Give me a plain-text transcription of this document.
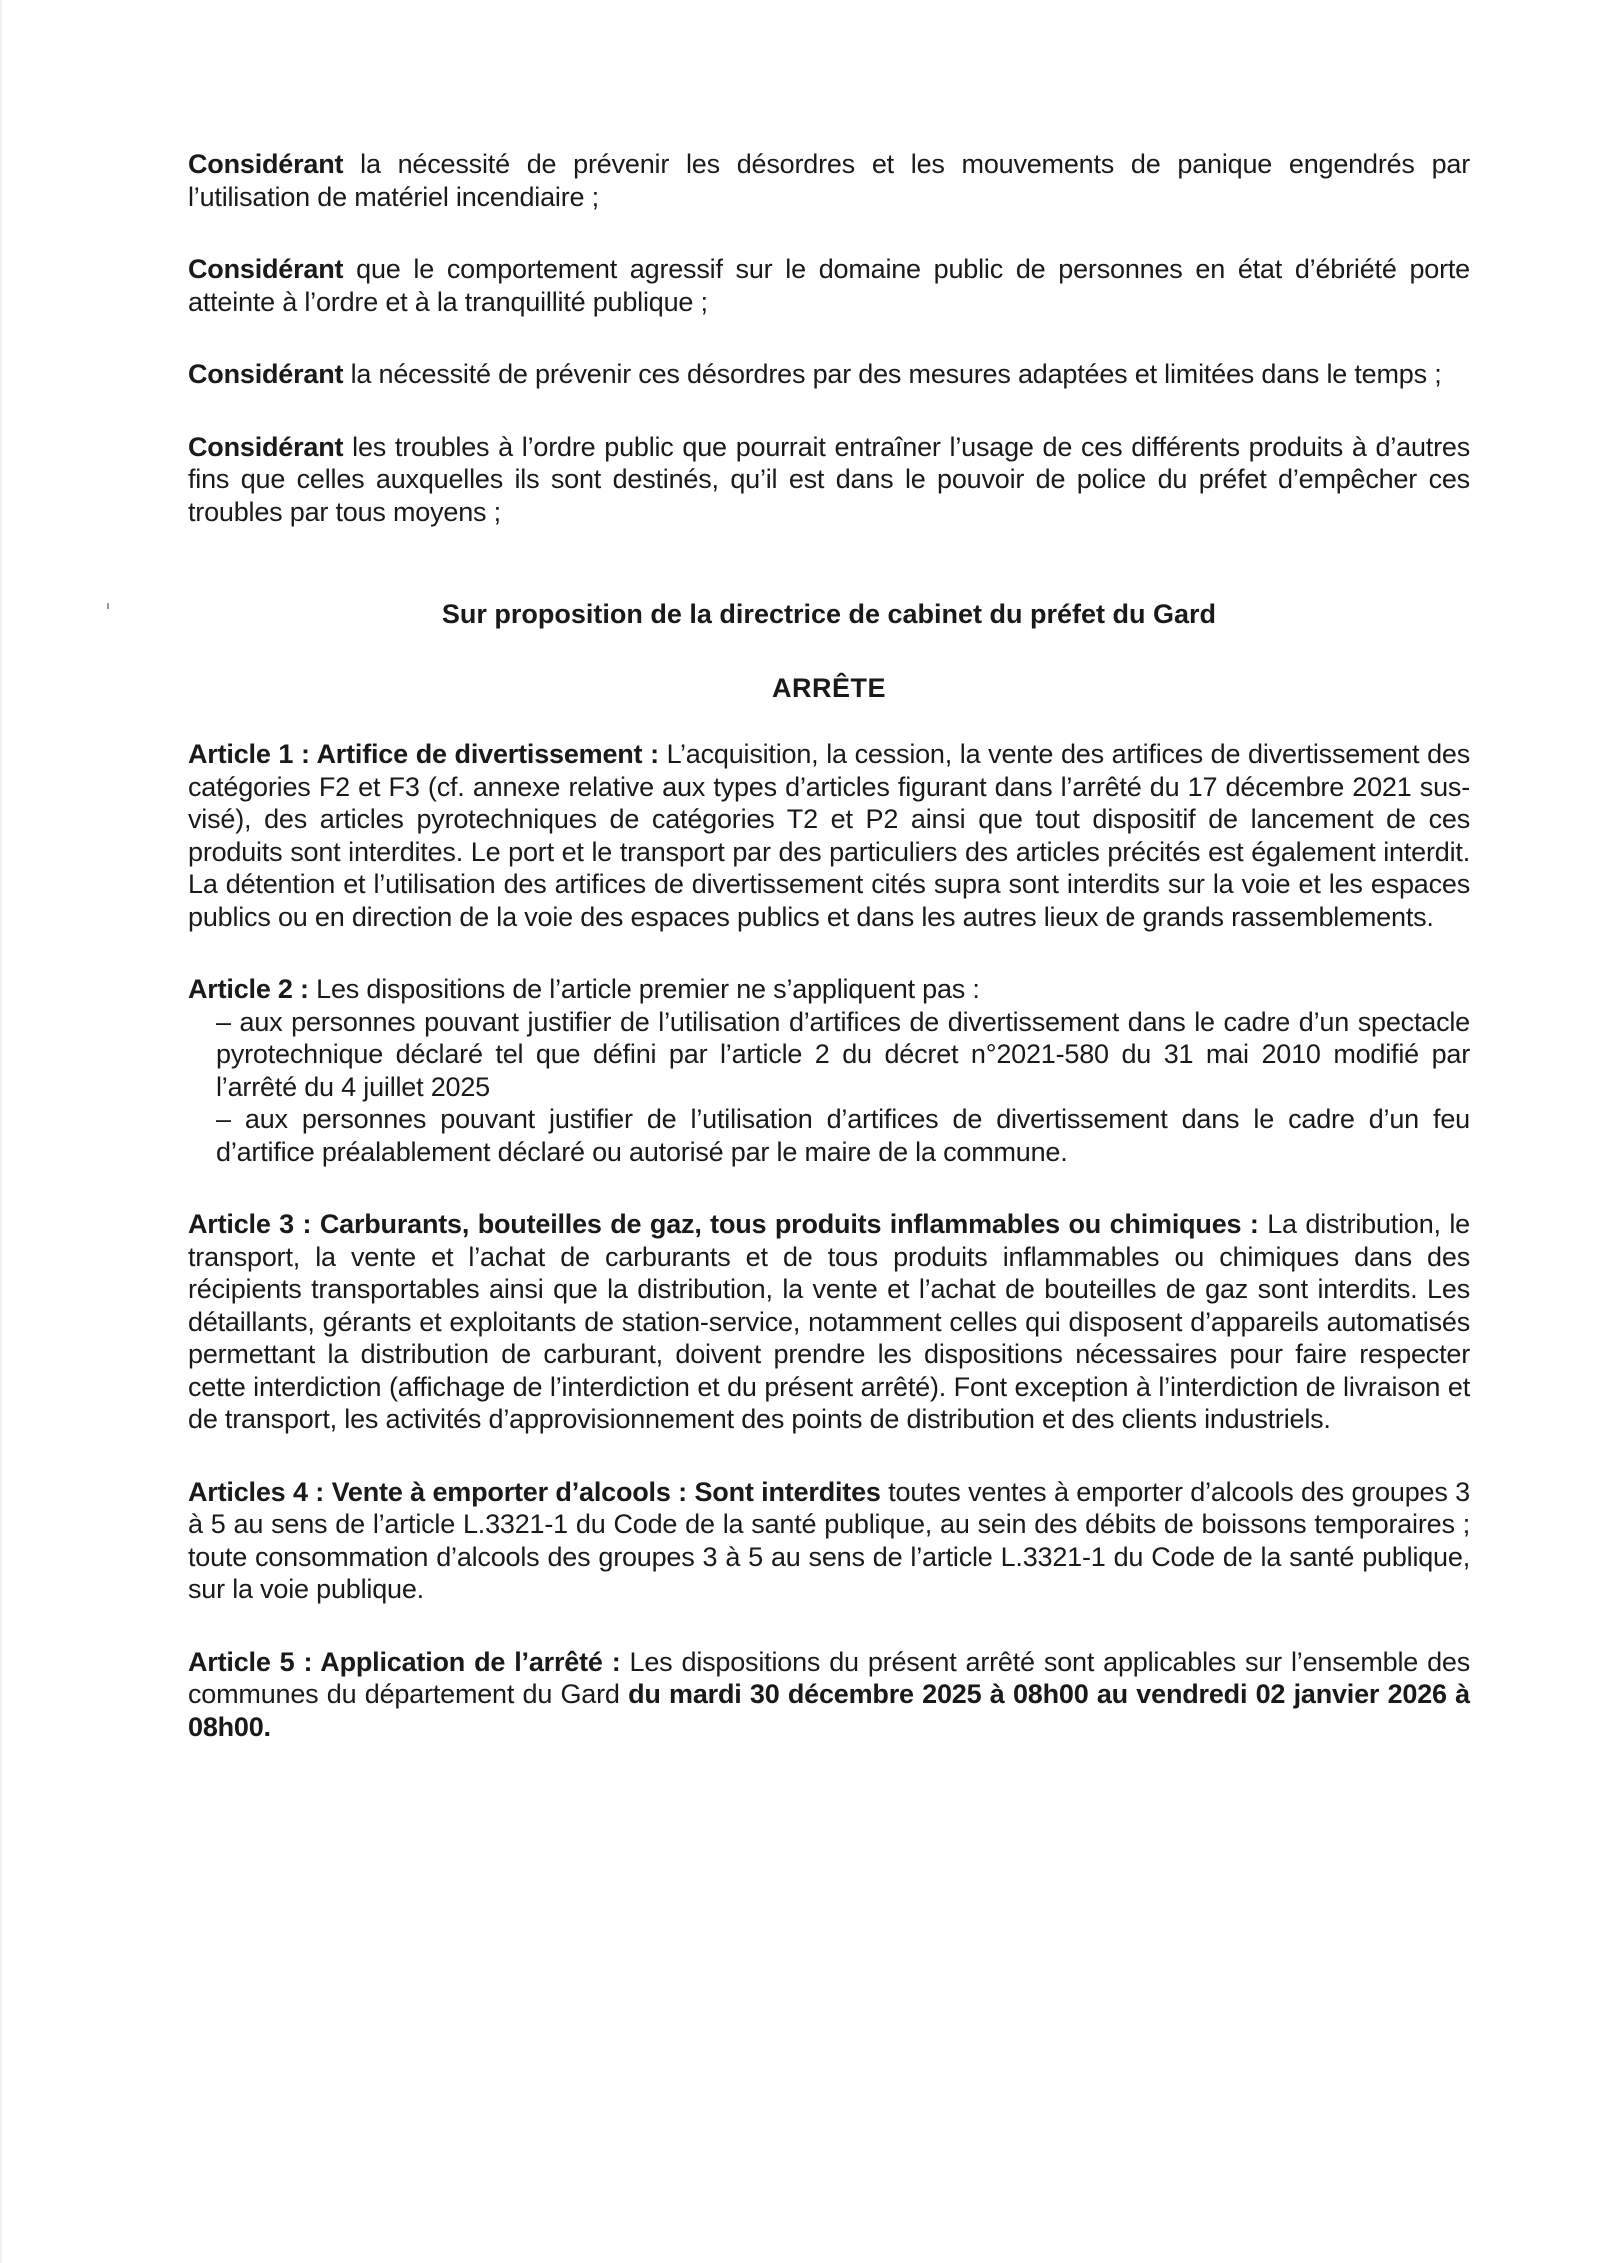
Considérant la nécessité de prévenir les désordres et les mouvements de panique engendrés par l’utilisation de matériel incendiaire ;

Considérant que le comportement agressif sur le domaine public de personnes en état d’ébriété porte atteinte à l’ordre et à la tranquillité publique ;

Considérant la nécessité de prévenir ces désordres par des mesures adaptées et limitées dans le temps ;

Considérant les troubles à l’ordre public que pourrait entraîner l’usage de ces différents produits à d’autres fins que celles auxquelles ils sont destinés, qu’il est dans le pouvoir de police du préfet d’empêcher ces troubles par tous moyens ;

Sur proposition de la directrice de cabinet du préfet du Gard
ARRÊTE

Article 1 : Artifice de divertissement : L’acquisition, la cession, la vente des artifices de divertissement des catégories F2 et F3 (cf. annexe relative aux types d’articles figurant dans l’arrêté du 17 décembre 2021 sus-visé), des articles pyrotechniques de catégories T2 et P2 ainsi que tout dispositif de lancement de ces produits sont interdites. Le port et le transport par des particuliers des articles précités est également interdit. La détention et l’utilisation des artifices de divertissement cités supra sont interdits sur la voie et les espaces publics ou en direction de la voie des espaces publics et dans les autres lieux de grands rassemblements.

Article 2 : Les dispositions de l’article premier ne s’appliquent pas :

– aux personnes pouvant justifier de l’utilisation d’artifices de divertissement dans le cadre d’un spectacle pyrotechnique déclaré tel que défini par l’article 2 du décret n°2021-580 du 31 mai 2010 modifié par l’arrêté du 4 juillet 2025
– aux personnes pouvant justifier de l’utilisation d’artifices de divertissement dans le cadre d’un feu d’artifice préalablement déclaré ou autorisé par le maire de la commune.

Article 3 : Carburants, bouteilles de gaz, tous produits inflammables ou chimiques : La distribution, le transport, la vente et l’achat de carburants et de tous produits inflammables ou chimiques dans des récipients transportables ainsi que la distribution, la vente et l’achat de bouteilles de gaz sont interdits. Les détaillants, gérants et exploitants de station-service, notamment celles qui disposent d’appareils automatisés permettant la distribution de carburant, doivent prendre les dispositions nécessaires pour faire respecter cette interdiction (affichage de l’interdiction et du présent arrêté). Font exception à l’interdiction de livraison et de transport, les activités d’approvisionnement des points de distribution et des clients industriels.

Articles 4 : Vente à emporter d’alcools : Sont interdites toutes ventes à emporter d’alcools des groupes 3 à 5 au sens de l’article L.3321-1 du Code de la santé publique, au sein des débits de boissons temporaires ; toute consommation d’alcools des groupes 3 à 5 au sens de l’article L.3321-1 du Code de la santé publique, sur la voie publique.

Article 5 : Application de l’arrêté : Les dispositions du présent arrêté sont applicables sur l’ensemble des communes du département du Gard du mardi 30 décembre 2025 à 08h00 au vendredi 02 janvier 2026 à 08h00.
